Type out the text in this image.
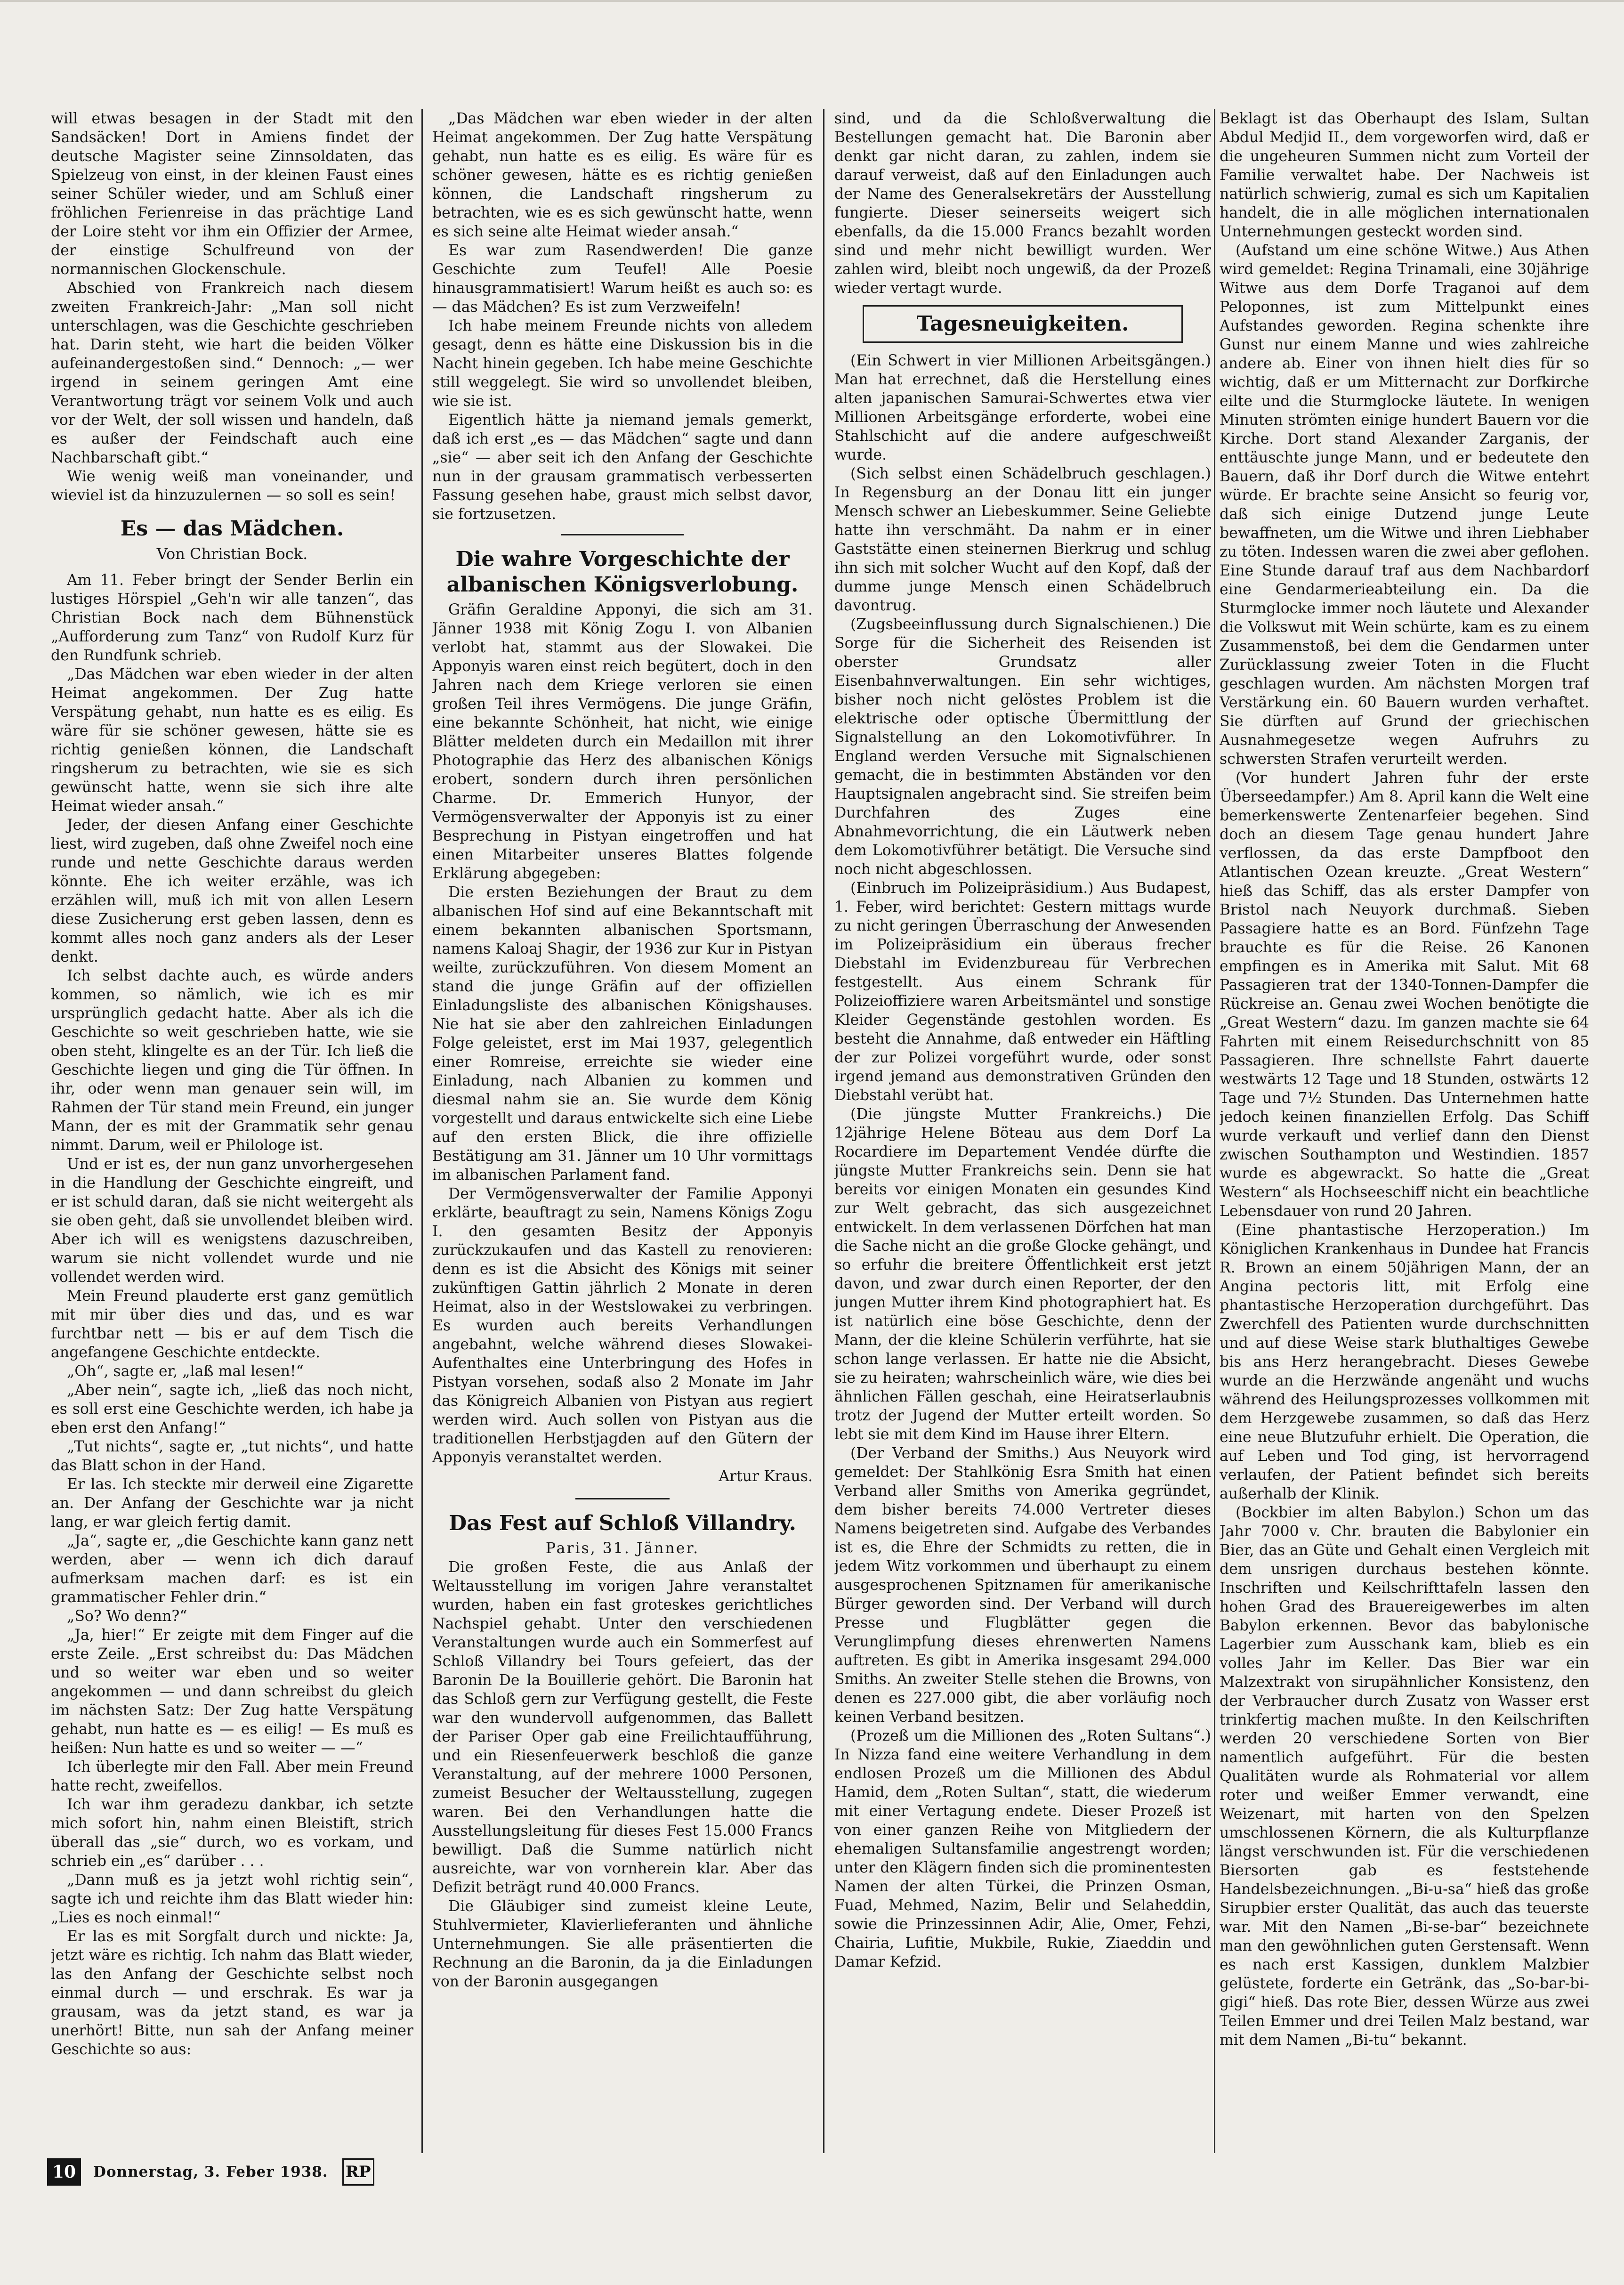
will etwas besagen in der Stadt mit den Sandsäcken! Dort in Amiens findet der deutsche Magister seine Zinnsoldaten, das Spielzeug von einst, in der kleinen Faust eines seiner Schüler wieder, und am Schluß einer fröhlichen Ferienreise in das prächtige Land der Loire steht vor ihm ein Offizier der Armee, der einstige Schulfreund von der normannischen Glockenschule.

Abschied von Frankreich nach diesem zweiten Frankreich-Jahr: „Man soll nicht unterschlagen, was die Geschichte geschrieben hat. Darin steht, wie hart die beiden Völker aufeinandergestoßen sind.“ Dennoch: „— wer irgend in seinem geringen Amt eine Verantwortung trägt vor seinem Volk und auch vor der Welt, der soll wissen und handeln, daß es außer der Feindschaft auch eine Nachbarschaft gibt.“

Wie wenig weiß man voneinander, und wieviel ist da hinzuzulernen — so soll es sein!

Es — das Mädchen.
Von Christian Bock.

Am 11. Feber bringt der Sender Berlin ein lustiges Hörspiel „Geh'n wir alle tanzen“, das Christian Bock nach dem Bühnenstück „Aufforderung zum Tanz“ von Rudolf Kurz für den Rundfunk schrieb.

„Das Mädchen war eben wieder in der alten Heimat angekommen. Der Zug hatte Verspätung gehabt, nun hatte es es eilig. Es wäre für sie schöner gewesen, hätte sie es richtig genießen können, die Landschaft ringsherum zu betrachten, wie sie es sich gewünscht hatte, wenn sie sich ihre alte Heimat wieder ansah.“

Jeder, der diesen Anfang einer Geschichte liest, wird zugeben, daß ohne Zweifel noch eine runde und nette Geschichte daraus werden könnte. Ehe ich weiter erzähle, was ich erzählen will, muß ich mit von allen Lesern diese Zusicherung erst geben lassen, denn es kommt alles noch ganz anders als der Leser denkt.

Ich selbst dachte auch, es würde anders kommen, so nämlich, wie ich es mir ursprünglich gedacht hatte. Aber als ich die Geschichte so weit geschrieben hatte, wie sie oben steht, klingelte es an der Tür. Ich ließ die Geschichte liegen und ging die Tür öffnen. In ihr, oder wenn man genauer sein will, im Rahmen der Tür stand mein Freund, ein junger Mann, der es mit der Grammatik sehr genau nimmt. Darum, weil er Philologe ist.

Und er ist es, der nun ganz unvorhergesehen in die Handlung der Geschichte eingreift, und er ist schuld daran, daß sie nicht weitergeht als sie oben geht, daß sie unvollendet bleiben wird. Aber ich will es wenigstens dazuschreiben, warum sie nicht vollendet wurde und nie vollendet werden wird.

Mein Freund plauderte erst ganz gemütlich mit mir über dies und das, und es war furchtbar nett — bis er auf dem Tisch die angefangene Geschichte entdeckte.

„Oh“, sagte er, „laß mal lesen!“

„Aber nein“, sagte ich, „ließ das noch nicht, es soll erst eine Geschichte werden, ich habe ja eben erst den Anfang!“

„Tut nichts“, sagte er, „tut nichts“, und hatte das Blatt schon in der Hand.

Er las. Ich steckte mir derweil eine Zigarette an. Der Anfang der Geschichte war ja nicht lang, er war gleich fertig damit.

„Ja“, sagte er, „die Geschichte kann ganz nett werden, aber — wenn ich dich darauf aufmerksam machen darf: es ist ein grammatischer Fehler drin.“

„So? Wo denn?“

„Ja, hier!“ Er zeigte mit dem Finger auf die erste Zeile. „Erst schreibst du: Das Mädchen und so weiter war eben und so weiter angekommen — und dann schreibst du gleich im nächsten Satz: Der Zug hatte Verspätung gehabt, nun hatte es — es eilig! — Es muß es heißen: Nun hatte es und so weiter — —“

Ich überlegte mir den Fall. Aber mein Freund hatte recht, zweifellos.

Ich war ihm geradezu dankbar, ich setzte mich sofort hin, nahm einen Bleistift, strich überall das „sie“ durch, wo es vorkam, und schrieb ein „es“ darüber . . .

„Dann muß es ja jetzt wohl richtig sein“, sagte ich und reichte ihm das Blatt wieder hin: „Lies es noch einmal!“

Er las es mit Sorgfalt durch und nickte: Ja, jetzt wäre es richtig. Ich nahm das Blatt wieder, las den Anfang der Geschichte selbst noch einmal durch — und erschrak. Es war ja grausam, was da jetzt stand, es war ja unerhört! Bitte, nun sah der Anfang meiner Geschichte so aus:

„Das Mädchen war eben wieder in der alten Heimat angekommen. Der Zug hatte Verspätung gehabt, nun hatte es es eilig. Es wäre für es schöner gewesen, hätte es es richtig genießen können, die Landschaft ringsherum zu betrachten, wie es es sich gewünscht hatte, wenn es sich seine alte Heimat wieder ansah.“

Es war zum Rasendwerden! Die ganze Geschichte zum Teufel! Alle Poesie hinausgrammatisiert! Warum heißt es auch so: es — das Mädchen? Es ist zum Verzweifeln!

Ich habe meinem Freunde nichts von alledem gesagt, denn es hätte eine Diskussion bis in die Nacht hinein gegeben. Ich habe meine Geschichte still weggelegt. Sie wird so unvollendet bleiben, wie sie ist.

Eigentlich hätte ja niemand jemals gemerkt, daß ich erst „es — das Mädchen“ sagte und dann „sie“ — aber seit ich den Anfang der Geschichte nun in der grausam grammatisch verbesserten Fassung gesehen habe, graust mich selbst davor, sie fortzusetzen.

Die wahre Vorgeschichte der albanischen Königsverlobung.

Gräfin Geraldine Apponyi, die sich am 31. Jänner 1938 mit König Zogu I. von Albanien verlobt hat, stammt aus der Slowakei. Die Apponyis waren einst reich begütert, doch in den Jahren nach dem Kriege verloren sie einen großen Teil ihres Vermögens. Die junge Gräfin, eine bekannte Schönheit, hat nicht, wie einige Blätter meldeten durch ein Medaillon mit ihrer Photographie das Herz des albanischen Königs erobert, sondern durch ihren persönlichen Charme. Dr. Emmerich Hunyor, der Vermögensverwalter der Apponyis ist zu einer Besprechung in Pistyan eingetroffen und hat einen Mitarbeiter unseres Blattes folgende Erklärung abgegeben:

Die ersten Beziehungen der Braut zu dem albanischen Hof sind auf eine Bekanntschaft mit einem bekannten albanischen Sportsmann, namens Kaloaj Shagir, der 1936 zur Kur in Pistyan weilte, zurückzuführen. Von diesem Moment an stand die junge Gräfin auf der offiziellen Einladungsliste des albanischen Königshauses. Nie hat sie aber den zahlreichen Einladungen Folge geleistet, erst im Mai 1937, gelegentlich einer Romreise, erreichte sie wieder eine Einladung, nach Albanien zu kommen und diesmal nahm sie an. Sie wurde dem König vorgestellt und daraus entwickelte sich eine Liebe auf den ersten Blick, die ihre offizielle Bestätigung am 31. Jänner um 10 Uhr vormittags im albanischen Parlament fand.

Der Vermögensverwalter der Familie Apponyi erklärte, beauftragt zu sein, Namens Königs Zogu I. den gesamten Besitz der Apponyis zurückzukaufen und das Kastell zu renovieren: denn es ist die Absicht des Königs mit seiner zukünftigen Gattin jährlich 2 Monate in deren Heimat, also in der Westslowakei zu verbringen. Es wurden auch bereits Verhandlungen angebahnt, welche während dieses Slowakei-Aufenthaltes eine Unterbringung des Hofes in Pistyan vorsehen, sodaß also 2 Monate im Jahr das Königreich Albanien von Pistyan aus regiert werden wird. Auch sollen von Pistyan aus die traditionellen Herbstjagden auf den Gütern der Apponyis veranstaltet werden.

Artur Kraus.

Das Fest auf Schloß Villandry.

Paris, 31. Jänner.

Die großen Feste, die aus Anlaß der Weltausstellung im vorigen Jahre veranstaltet wurden, haben ein fast groteskes gerichtliches Nachspiel gehabt. Unter den verschiedenen Veranstaltungen wurde auch ein Sommerfest auf Schloß Villandry bei Tours gefeiert, das der Baronin De la Bouillerie gehört. Die Baronin hat das Schloß gern zur Verfügung gestellt, die Feste war den wundervoll aufgenommen, das Ballett der Pariser Oper gab eine Freilichtaufführung, und ein Riesenfeuerwerk beschloß die ganze Veranstaltung, auf der mehrere 1000 Personen, zumeist Besucher der Weltausstellung, zugegen waren. Bei den Verhandlungen hatte die Ausstellungsleitung für dieses Fest 15.000 Francs bewilligt. Daß die Summe natürlich nicht ausreichte, war von vornherein klar. Aber das Defizit beträgt rund 40.000 Francs.

Die Gläubiger sind zumeist kleine Leute, Stuhlvermieter, Klavierlieferanten und ähnliche Unternehmungen. Sie alle präsentierten die Rechnung an die Baronin, da ja die Einladungen von der Baronin ausgegangen

sind, und da die Schloßverwaltung die Bestellungen gemacht hat. Die Baronin aber denkt gar nicht daran, zu zahlen, indem sie darauf verweist, daß auf den Einladungen auch der Name des Generalsekretärs der Ausstellung fungierte. Dieser seinerseits weigert sich ebenfalls, da die 15.000 Francs bezahlt worden sind und mehr nicht bewilligt wurden. Wer zahlen wird, bleibt noch ungewiß, da der Prozeß wieder vertagt wurde.

Tagesneuigkeiten.

(Ein Schwert in vier Millionen Arbeitsgängen.) Man hat errechnet, daß die Herstellung eines alten japanischen Samurai-Schwertes etwa vier Millionen Arbeitsgänge erforderte, wobei eine Stahlschicht auf die andere aufgeschweißt wurde.

(Sich selbst einen Schädelbruch geschlagen.) In Regensburg an der Donau litt ein junger Mensch schwer an Liebeskummer. Seine Geliebte hatte ihn verschmäht. Da nahm er in einer Gaststätte einen steinernen Bierkrug und schlug ihn sich mit solcher Wucht auf den Kopf, daß der dumme junge Mensch einen Schädelbruch davontrug.

(Zugsbeeinflussung durch Signalschienen.) Die Sorge für die Sicherheit des Reisenden ist oberster Grundsatz aller Eisenbahnverwaltungen. Ein sehr wichtiges, bisher noch nicht gelöstes Problem ist die elektrische oder optische Übermittlung der Signalstellung an den Lokomotivführer. In England werden Versuche mit Signalschienen gemacht, die in bestimmten Abständen vor den Hauptsignalen angebracht sind. Sie streifen beim Durchfahren des Zuges eine Abnahmevorrichtung, die ein Läutwerk neben dem Lokomotivführer betätigt. Die Versuche sind noch nicht abgeschlossen.

(Einbruch im Polizeipräsidium.) Aus Budapest, 1. Feber, wird berichtet: Gestern mittags wurde zu nicht geringen Überraschung der Anwesenden im Polizeipräsidium ein überaus frecher Diebstahl im Evidenzbureau für Verbrechen festgestellt. Aus einem Schrank für Polizeioffiziere waren Arbeitsmäntel und sonstige Kleider Gegenstände gestohlen worden. Es besteht die Annahme, daß entweder ein Häftling der zur Polizei vorgeführt wurde, oder sonst irgend jemand aus demonstrativen Gründen den Diebstahl verübt hat.

(Die jüngste Mutter Frankreichs.) Die 12jährige Helene Böteau aus dem Dorf La Rocardiere im Departement Vendée dürfte die jüngste Mutter Frankreichs sein. Denn sie hat bereits vor einigen Monaten ein gesundes Kind zur Welt gebracht, das sich ausgezeichnet entwickelt. In dem verlassenen Dörfchen hat man die Sache nicht an die große Glocke gehängt, und so erfuhr die breitere Öffentlichkeit erst jetzt davon, und zwar durch einen Reporter, der den jungen Mutter ihrem Kind photographiert hat. Es ist natürlich eine böse Geschichte, denn der Mann, der die kleine Schülerin verführte, hat sie schon lange verlassen. Er hatte nie die Absicht, sie zu heiraten; wahrscheinlich wäre, wie dies bei ähnlichen Fällen geschah, eine Heiratserlaubnis trotz der Jugend der Mutter erteilt worden. So lebt sie mit dem Kind im Hause ihrer Eltern.

(Der Verband der Smiths.) Aus Neuyork wird gemeldet: Der Stahlkönig Esra Smith hat einen Verband aller Smiths von Amerika gegründet, dem bisher bereits 74.000 Vertreter dieses Namens beigetreten sind. Aufgabe des Verbandes ist es, die Ehre der Schmidts zu retten, die in jedem Witz vorkommen und überhaupt zu einem ausgesprochenen Spitznamen für amerikanische Bürger geworden sind. Der Verband will durch Presse und Flugblätter gegen die Verunglimpfung dieses ehrenwerten Namens auftreten. Es gibt in Amerika insgesamt 294.000 Smiths. An zweiter Stelle stehen die Browns, von denen es 227.000 gibt, die aber vorläufig noch keinen Verband besitzen.

(Prozeß um die Millionen des „Roten Sultans“.) In Nizza fand eine weitere Verhandlung in dem endlosen Prozeß um die Millionen des Abdul Hamid, dem „Roten Sultan“, statt, die wiederum mit einer Vertagung endete. Dieser Prozeß ist von einer ganzen Reihe von Mitgliedern der ehemaligen Sultansfamilie angestrengt worden; unter den Klägern finden sich die prominentesten Namen der alten Türkei, die Prinzen Osman, Fuad, Mehmed, Nazim, Belir und Selaheddin, sowie die Prinzessinnen Adir, Alie, Omer, Fehzi, Chairia, Lufitie, Mukbile, Rukie, Ziaeddin und Damar Kefzid.

Beklagt ist das Oberhaupt des Islam, Sultan Abdul Medjid II., dem vorgeworfen wird, daß er die ungeheuren Summen nicht zum Vorteil der Familie verwaltet habe. Der Nachweis ist natürlich schwierig, zumal es sich um Kapitalien handelt, die in alle möglichen internationalen Unternehmungen gesteckt worden sind.

(Aufstand um eine schöne Witwe.) Aus Athen wird gemeldet: Regina Trinamali, eine 30jährige Witwe aus dem Dorfe Traganoi auf dem Peloponnes, ist zum Mittelpunkt eines Aufstandes geworden. Regina schenkte ihre Gunst nur einem Manne und wies zahlreiche andere ab. Einer von ihnen hielt dies für so wichtig, daß er um Mitternacht zur Dorfkirche eilte und die Sturmglocke läutete. In wenigen Minuten strömten einige hundert Bauern vor die Kirche. Dort stand Alexander Zarganis, der enttäuschte junge Mann, und er bedeutete den Bauern, daß ihr Dorf durch die Witwe entehrt würde. Er brachte seine Ansicht so feurig vor, daß sich einige Dutzend junge Leute bewaffneten, um die Witwe und ihren Liebhaber zu töten. Indessen waren die zwei aber geflohen. Eine Stunde darauf traf aus dem Nachbardorf eine Gendarmerieabteilung ein. Da die Sturmglocke immer noch läutete und Alexander die Volkswut mit Wein schürte, kam es zu einem Zusammenstoß, bei dem die Gendarmen unter Zurücklassung zweier Toten in die Flucht geschlagen wurden. Am nächsten Morgen traf Verstärkung ein. 60 Bauern wurden verhaftet. Sie dürften auf Grund der griechischen Ausnahmegesetze wegen Aufruhrs zu schwersten Strafen verurteilt werden.

(Vor hundert Jahren fuhr der erste Überseedampfer.) Am 8. April kann die Welt eine bemerkenswerte Zentenarfeier begehen. Sind doch an diesem Tage genau hundert Jahre verflossen, da das erste Dampfboot den Atlantischen Ozean kreuzte. „Great Western“ hieß das Schiff, das als erster Dampfer von Bristol nach Neuyork durchmaß. Sieben Passagiere hatte es an Bord. Fünfzehn Tage brauchte es für die Reise. 26 Kanonen empfingen es in Amerika mit Salut. Mit 68 Passagieren trat der 1340-Tonnen-Dampfer die Rückreise an. Genau zwei Wochen benötigte die „Great Western“ dazu. Im ganzen machte sie 64 Fahrten mit einem Reisedurchschnitt von 85 Passagieren. Ihre schnellste Fahrt dauerte westwärts 12 Tage und 18 Stunden, ostwärts 12 Tage und 7½ Stunden. Das Unternehmen hatte jedoch keinen finanziellen Erfolg. Das Schiff wurde verkauft und verlief dann den Dienst zwischen Southampton und Westindien. 1857 wurde es abgewrackt. So hatte die „Great Western“ als Hochseeschiff nicht ein beachtliche Lebensdauer von rund 20 Jahren.

(Eine phantastische Herzoperation.) Im Königlichen Krankenhaus in Dundee hat Francis R. Brown an einem 50jährigen Mann, der an Angina pectoris litt, mit Erfolg eine phantastische Herzoperation durchgeführt. Das Zwerchfell des Patienten wurde durchschnitten und auf diese Weise stark bluthaltiges Gewebe bis ans Herz herangebracht. Dieses Gewebe wurde an die Herzwände angenäht und wuchs während des Heilungsprozesses vollkommen mit dem Herzgewebe zusammen, so daß das Herz eine neue Blutzufuhr erhielt. Die Operation, die auf Leben und Tod ging, ist hervorragend verlaufen, der Patient befindet sich bereits außerhalb der Klinik.

(Bockbier im alten Babylon.) Schon um das Jahr 7000 v. Chr. brauten die Babylonier ein Bier, das an Güte und Gehalt einen Vergleich mit dem unsrigen durchaus bestehen könnte. Inschriften und Keilschrifttafeln lassen den hohen Grad des Brauereigewerbes im alten Babylon erkennen. Bevor das babylonische Lagerbier zum Ausschank kam, blieb es ein volles Jahr im Keller. Das Bier war ein Malzextrakt von sirupähnlicher Konsistenz, den der Verbraucher durch Zusatz von Wasser erst trinkfertig machen mußte. In den Keilschriften werden 20 verschiedene Sorten von Bier namentlich aufgeführt. Für die besten Qualitäten wurde als Rohmaterial vor allem roter und weißer Emmer verwandt, eine Weizenart, mit harten von den Spelzen umschlossenen Körnern, die als Kulturpflanze längst verschwunden ist. Für die verschiedenen Biersorten gab es feststehende Handelsbezeichnungen. „Bi-u-sa“ hieß das große Sirupbier erster Qualität, das auch das teuerste war. Mit den Namen „Bi-se-bar“ bezeichnete man den gewöhnlichen guten Gerstensaft. Wenn es nach erst Kassigen, dunklem Malzbier gelüstete, forderte ein Getränk, das „So-bar-bi-gigi“ hieß. Das rote Bier, dessen Würze aus zwei Teilen Emmer und drei Teilen Malz bestand, war mit dem Namen „Bi-tu“ bekannt.

10	Donnerstag, 3. Feber 1938. RP
